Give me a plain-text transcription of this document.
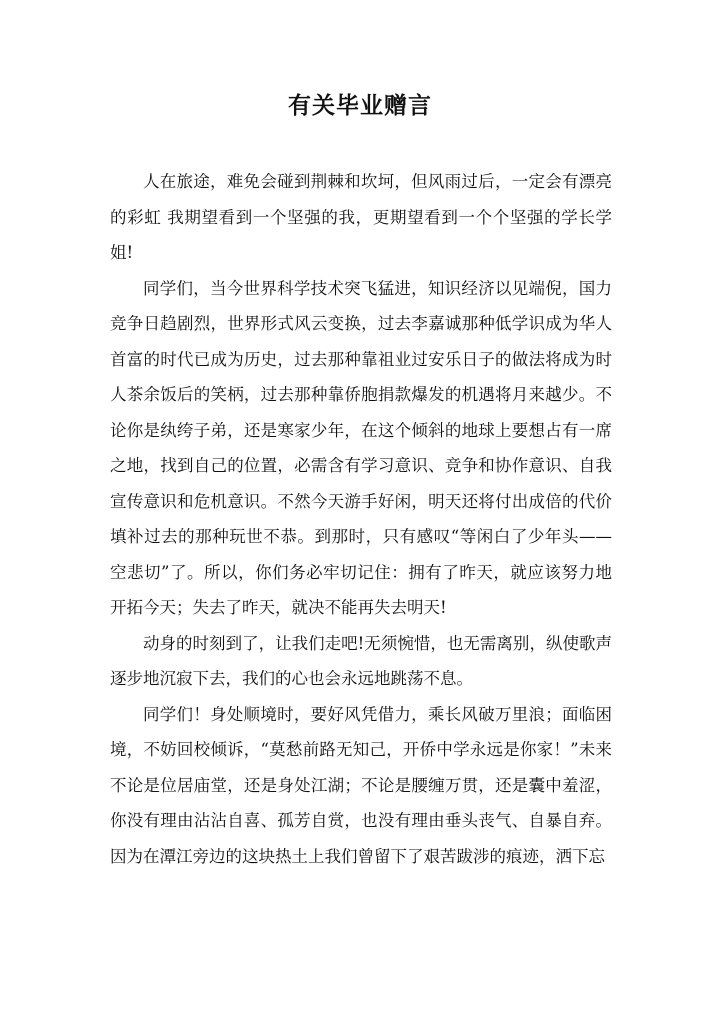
有关毕业赠言

人在旅途，难免会碰到荆棘和坎坷，但风雨过后，一定会有漂亮的彩虹 我期望看到一个坚强的我，更期望看到一个个坚强的学长学姐!

同学们，当今世界科学技术突飞猛进，知识经济以见端倪，国力竞争日趋剧烈，世界形式风云变换，过去李嘉诚那种低学识成为华人首富的时代已成为历史，过去那种靠祖业过安乐日子的做法将成为时人茶余饭后的笑柄，过去那种靠侨胞捐款爆发的机遇将月来越少。不论你是纨绔子弟，还是寒家少年，在这个倾斜的地球上要想占有一席之地，找到自己的位置，必需含有学习意识、竞争和协作意识、自我宣传意识和危机意识。不然今天游手好闲，明天还将付出成倍的代价填补过去的那种玩世不恭。到那时，只有感叹“等闲白了少年头——空悲切”了。所以，你们务必牢切记住：拥有了昨天，就应该努力地开拓今天；失去了昨天，就决不能再失去明天!

动身的时刻到了，让我们走吧!无须惋惜，也无需离别，纵使歌声逐步地沉寂下去，我们的心也会永远地跳荡不息。

同学们！身处顺境时，要好风凭借力，乘长风破万里浪；面临困境，不妨回校倾诉，“莫愁前路无知己，开侨中学永远是你家！”未来不论是位居庙堂，还是身处江湖；不论是腰缠万贯，还是囊中羞涩，你没有理由沾沾自喜、孤芳自赏，也没有理由垂头丧气、自暴自弃。因为在潭江旁边的这块热土上我们曾留下了艰苦跋涉的痕迹，洒下忘
